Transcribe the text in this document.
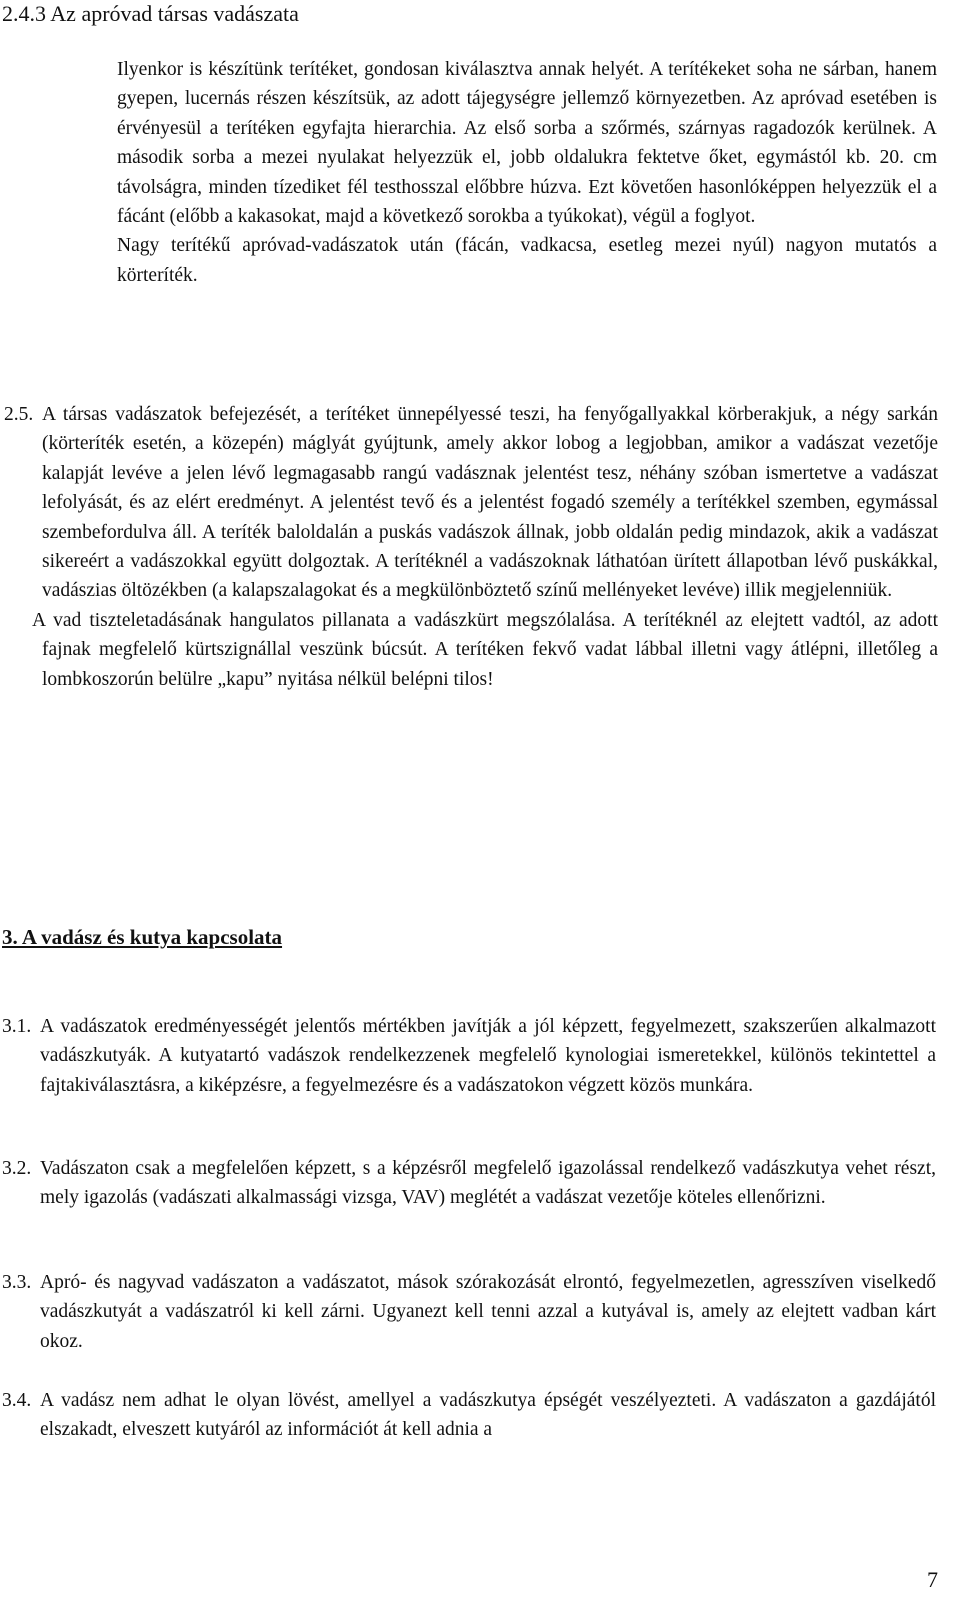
2.4.3 Az apróvad társas vadászata

Ilyenkor is készítünk terítéket, gondosan kiválasztva annak helyét. A terítékeket soha ne sárban, hanem gyepen, lucernás részen készítsük, az adott tájegységre jellemző környezetben. Az apróvad esetében is érvényesül a terítéken egyfajta hierarchia. Az első sorba a szőrmés, szárnyas ragadozók kerülnek. A második sorba a mezei nyulakat helyezzük el, jobb oldalukra fektetve őket, egymástól kb. 20. cm távolságra, minden tízediket fél testhosszal előbbre húzva. Ezt követően hasonlóképpen helyezzük el a fácánt (előbb a kakasokat, majd a következő sorokba a tyúkokat), végül a foglyot.

Nagy terítékű apróvad-vadászatok után (fácán, vadkacsa, esetleg mezei nyúl) nagyon mutatós a körteríték.

2.5. A társas vadászatok befejezését, a terítéket ünnepélyessé teszi, ha fenyőgallyakkal körberakjuk, a négy sarkán (körteríték esetén, a közepén) máglyát gyújtunk, amely akkor lobog a legjobban, amikor a vadászat vezetője kalapját levéve a jelen lévő legmagasabb rangú vadásznak jelentést tesz, néhány szóban ismertetve a vadászat lefolyását, és az elért eredményt. A jelentést tevő és a jelentést fogadó személy a terítékkel szemben, egymással szembefordulva áll. A teríték baloldalán a puskás vadászok állnak, jobb oldalán pedig mindazok, akik a vadászat sikereért a vadászokkal együtt dolgoztak. A terítéknél a vadászoknak láthatóan ürített állapotban lévő puskákkal, vadászias öltözékben (a kalapszalagokat és a megkülönböztető színű mellényeket levéve) illik megjelenniük.

A vad tiszteletadásának hangulatos pillanata a vadászkürt megszólalása. A terítéknél az elejtett vadtól, az adott fajnak megfelelő kürtszignállal veszünk búcsút. A terítéken fekvő vadat lábbal illetni vagy átlépni, illetőleg a lombkoszorún belülre „kapu” nyitása nélkül belépni tilos!

3. A vadász és kutya kapcsolata
3.1. A vadászatok eredményességét jelentős mértékben javítják a jól képzett, fegyelmezett, szakszerűen alkalmazott vadászkutyák. A kutyatartó vadászok rendelkezzenek megfelelő kynologiai ismeretekkel, különös tekintettel a fajtakiválasztásra, a kiképzésre, a fegyelmezésre és a vadászatokon végzett közös munkára.
3.2. Vadászaton csak a megfelelően képzett, s a képzésről megfelelő igazolással rendelkező vadászkutya vehet részt, mely igazolás (vadászati alkalmassági vizsga, VAV) meglétét a vadászat vezetője köteles ellenőrizni.
3.3. Apró- és nagyvad vadászaton a vadászatot, mások szórakozását elrontó, fegyelmezetlen, agresszíven viselkedő vadászkutyát a vadászatról ki kell zárni. Ugyanezt kell tenni azzal a kutyával is, amely az elejtett vadban kárt okoz.
3.4. A vadász nem adhat le olyan lövést, amellyel a vadászkutya épségét veszélyezteti. A vadászaton a gazdájától elszakadt, elveszett kutyáról az információt át kell adnia a
7
